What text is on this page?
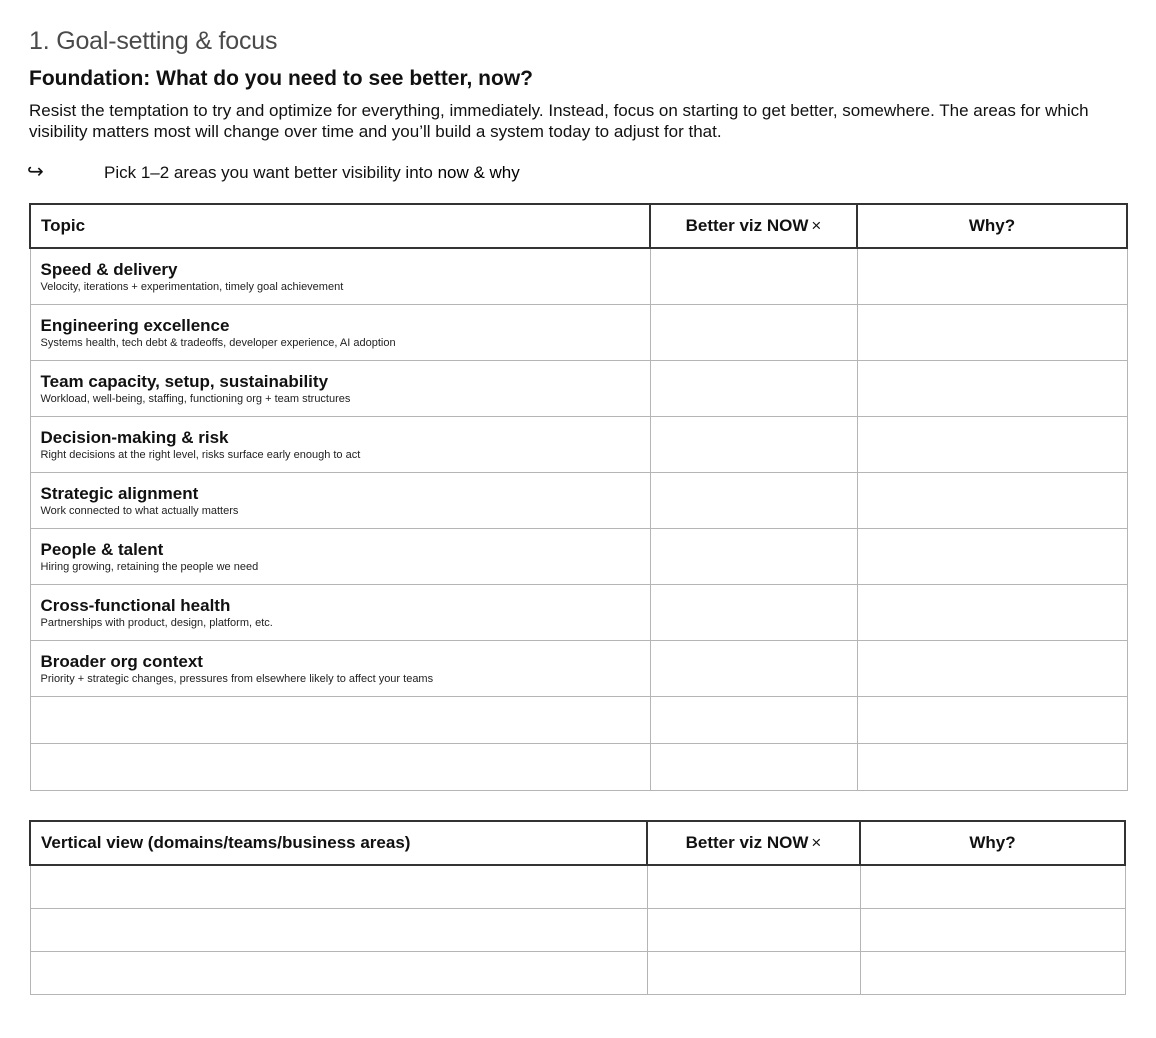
1. Goal-setting & focus
Foundation: What do you need to see better, now?
Resist the temptation to try and optimize for everything, immediately. Instead, focus on starting to get better, somewhere. The areas for which visibility matters most will change over time and you’ll build a system today to adjust for that.
↪	Pick 1–2 areas you want better visibility into now & why
Topic	Better viz NOW ×	Why?

Speed & delivery
Velocity, iterations + experimentation, timely goal achievement		

Engineering excellence
Systems health, tech debt & tradeoffs, developer experience, AI adoption		

Team capacity, setup, sustainability
Workload, well-being, staffing, functioning org + team structures		

Decision-making & risk
Right decisions at the right level, risks surface early enough to act		

Strategic alignment
Work connected to what actually matters		

People & talent
Hiring growing, retaining the people we need		

Cross-functional health
Partnerships with product, design, platform, etc.		

Broader org context
Priority + strategic changes, pressures from elsewhere likely to affect your teams		

Vertical view (domains/teams/business areas)	Better viz NOW ×	Why?
